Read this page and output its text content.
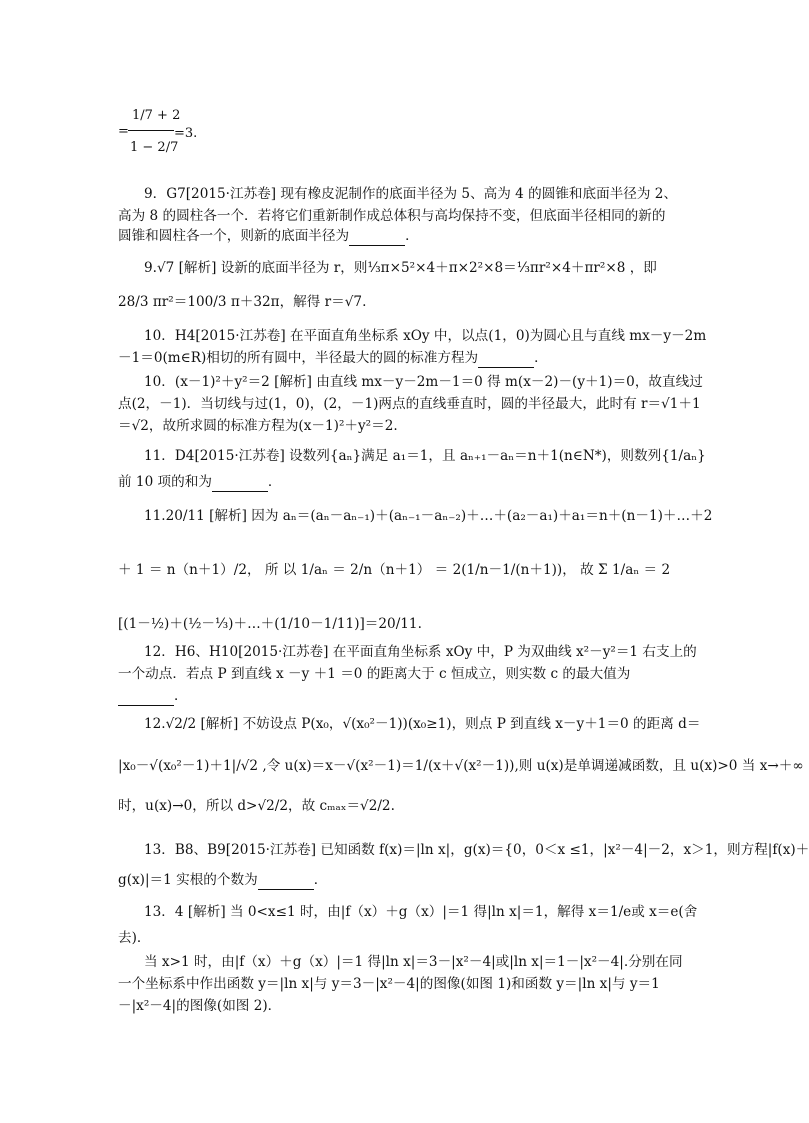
1/7 + 2
1 − 2/7
=	=3.
9．G7[2015·江苏卷] 现有橡皮泥制作的底面半径为 5、高为 4 的圆锥和底面半径为 2、
高为 8 的圆柱各一个．若将它们重新制作成总体积与高均保持不变，但底面半径相同的新的
圆锥和圆柱各一个，则新的底面半径为	．
9.√7 [解析] 设新的底面半径为 r，则⅓π×5²×4＋π×2²×8＝⅓πr²×4＋πr²×8 ，即
28/3 πr²＝100/3 π＋32π，解得 r＝√7.
10．H4[2015·江苏卷] 在平面直角坐标系 xOy 中，以点(1，0)为圆心且与直线 mx－y－2m
－1＝0(m∈R)相切的所有圆中，半径最大的圆的标准方程为	．
10．(x－1)²＋y²＝2 [解析] 由直线 mx－y－2m－1＝0 得 m(x－2)－(y＋1)＝0，故直线过
点(2，－1)．当切线与过(1，0)，(2，－1)两点的直线垂直时，圆的半径最大，此时有 r＝√1＋1
＝√2，故所求圆的标准方程为(x－1)²＋y²＝2.
11．D4[2015·江苏卷] 设数列{aₙ}满足 a₁＝1，且 aₙ₊₁－aₙ＝n＋1(n∈N*)，则数列{1/aₙ}
前 10 项的和为	．
11.20/11 [解析] 因为 aₙ＝(aₙ－aₙ₋₁)＋(aₙ₋₁－aₙ₋₂)＋…＋(a₂－a₁)＋a₁＝n＋(n－1)＋…＋2
＋ 1 ＝ n（n＋1）/2， 所 以 1/aₙ ＝ 2/n（n＋1） ＝ 2(1/n－1/(n＋1))， 故 Σ 1/aₙ ＝ 2
[(1－½)＋(½－⅓)＋…＋(1/10－1/11)]＝20/11.
12．H6、H10[2015·江苏卷] 在平面直角坐标系 xOy 中，P 为双曲线 x²－y²＝1 右支上的
一个动点．若点 P 到直线 x －y ＋1 ＝0 的距离大于 c 恒成立，则实数 c 的最大值为
．
12.√2/2 [解析] 不妨设点 P(x₀，√(x₀²－1))(x₀≥1)，则点 P 到直线 x－y＋1＝0 的距离 d＝
|x₀－√(x₀²－1)＋1|/√2 ,令 u(x)＝x－√(x²－1)＝1/(x＋√(x²－1)),则 u(x)是单调递减函数，且 u(x)>0 当 x→＋∞
时，u(x)→0，所以 d>√2/2，故 cₘₐₓ＝√2/2.
13．B8、B9[2015·江苏卷] 已知函数 f(x)＝|ln x|，g(x)＝{0，0＜x ≤1，|x²－4|－2，x＞1，则方程|f(x)＋
g(x)|＝1 实根的个数为	．
13．4 [解析] 当 0<x≤1 时，由|f（x）＋g（x）|＝1 得|ln x|＝1，解得 x＝1/e或 x＝e(舍
去)．
当 x>1 时，由|f（x）＋g（x）|＝1 得|ln x|＝3－|x²－4|或|ln x|＝1－|x²－4|.分别在同
一个坐标系中作出函数 y＝|ln x|与 y＝3－|x²－4|的图像(如图 1)和函数 y＝|ln x|与 y＝1
－|x²－4|的图像(如图 2)．
